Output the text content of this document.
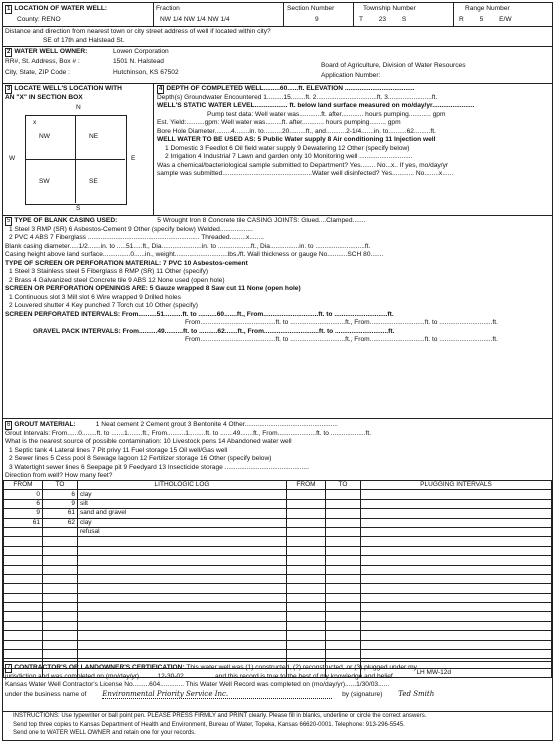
1 LOCATION OF WATER WELL:
County: RENO
Fraction
NW 1/4 NW 1/4 NW 1/4
Section Number
9
Township Number
T 23 S
Range Number
R 5 E/W
Distance and direction from nearest town or city street address of well if located within city?
SE of 17th and Halstead St.
2 WATER WELL OWNER:	Lowen Corporation
RR#, St. Address, Box # :	1501 N. Halstead
City, State, ZIP Code :	Hutchinson, KS 67502
Board of Agriculture, Division of Water Resources
Application Number:
3 LOCATE WELL'S LOCATION WITH
AN "X" IN SECTION BOX
N
S
W	E
x
NW	NE
SW	SE
4 DEPTH OF COMPLETED WELL.........60......ft. ELEVATION ......................................
Depth(s) Groundwater Encountered 1.........15........ft. 2.................................ft. 3........................ft.
WELL'S STATIC WATER LEVEL.................. ft. below land surface measured on mo/day/yr.......................
Pump test data: Well water was............ft. after............ hours pumping............ gpm
Est. Yield:..........gpm: Well water was.........ft. after............ hours pumping......... gpm
Bore Hole Diameter.........4........in. to..........20.........ft., and...........2-1/4.......in. to..........62.........ft.
WELL WATER TO BE USED AS: 5 Public Water supply 8 Air conditioning 11 Injection well
1 Domestic 3 Feedlot 6 Oil field water supply 9 Dewatering 12 Other (specify below)
2 Irrigation 4 Industrial 7 Lawn and garden only 10 Monitoring well .............................
Was a chemical/bacteriological sample submitted to Department? Yes........ No...x.. If yes, mo/day/yr
sample was submitted.................................................Water well disinfected? Yes............ No........x......
5 TYPE OF BLANK CASING USED:	5 Wrought Iron 8 Concrete tile CASING JOINTS: Glued....Clamped.......
1 Steel 3 RMP (SR) 6 Asbestos-Cement 9 Other (specify below) Welded..................
2 PVC 4 ABS 7 Fiberglass ............................................................. Threaded.........x........
Blank casing diameter.....1/2.......in. to .....51.....ft., Dia......................in. to ..................ft., Dia................in. to ...........................ft.
Casing height above land surface...............0......in., weight.............................lbs./ft. Wall thickness or gauge No...........SCH 80.......
TYPE OF SCREEN OR PERFORATION MATERIAL: 7 PVC 10 Asbestos-cement
1 Steel 3 Stainless steel 5 Fiberglass 8 RMP (SR) 11 Other (specify)
2 Brass 4 Galvanized steel Concrete tile 9 ABS 12 None used (open hole)
SCREEN OR PERFORATION OPENINGS ARE: 5 Gauze wrapped 8 Saw cut 11 None (open hole)
1 Continuous slot 3 Mill slot 6 Wire wrapped 9 Drilled holes
2 Louvered shutter 4 Key punched 7 Torch cut 10 Other (specify)
SCREEN PERFORATED INTERVALS: From..........51..........ft. to ..........60.......ft., From..............................ft. to .............................ft.
From.........................................ft. to ..............................ft., From..............................ft. to .............................ft.
GRAVEL PACK INTERVALS: From..........49..........ft. to ..........62.......ft., From..............................ft. to .............................ft.
From.........................................ft. to ..............................ft., From..............................ft. to .............................ft.
6 GROUT MATERIAL:	1 Neat cement 2 Cement grout 3 Bentonite 4 Other...................................................
Grout Intervals: From......0........ft. to .......1........ft., From..........1.........ft. to .......49.......ft., From.....................ft. to ...................ft.
What is the nearest source of possible contamination: 10 Livestock pens 14 Abandoned water well
1 Septic tank 4 Lateral lines 7 Pit privy 11 Fuel storage 15 Oil well/Gas well
2 Sewer lines 5 Cess pool 8 Sewage lagoon 12 Fertilizer storage 16 Other (specify below)
3 Watertight sewer lines 6 Seepage pit 9 Feedyard 13 Insecticide storage ..............................................
Direction from well? How many feet?
FROM	TO	LITHOLOGIC LOG	FROM	TO	PLUGGING INTERVALS
0	6	clay			
6	9	silt			
9	61	sand and gravel			
61	62	clay			
		refusal			

					LH MW-12d
7 CONTRACTOR'S OR LANDOWNER'S CERTIFICATION: This water well was (1) constructed, (2) reconstructed, or (3) plugged under my
jurisdiction and was completed on (mo/day/yr)..........12-30-02.................and this record is true to the best of my knowledge and belief.
Kansas Water Well Contractor's License No.........604............. This Water Well Record was completed on (mo/day/yr)......1/30/03......
under the business name of Environmental Priority Service Inc.	by (signature) Ted Smith
INSTRUCTIONS: Use typewriter or ball point pen. PLEASE PRESS FIRMLY and PRINT clearly. Please fill in blanks, underline or circle the correct answers.
Send top three copies to Kansas Department of Health and Environment, Bureau of Water, Topeka, Kansas 66620-0001. Telephone: 913-296-5545.
Send one to WATER WELL OWNER and retain one for your records.
